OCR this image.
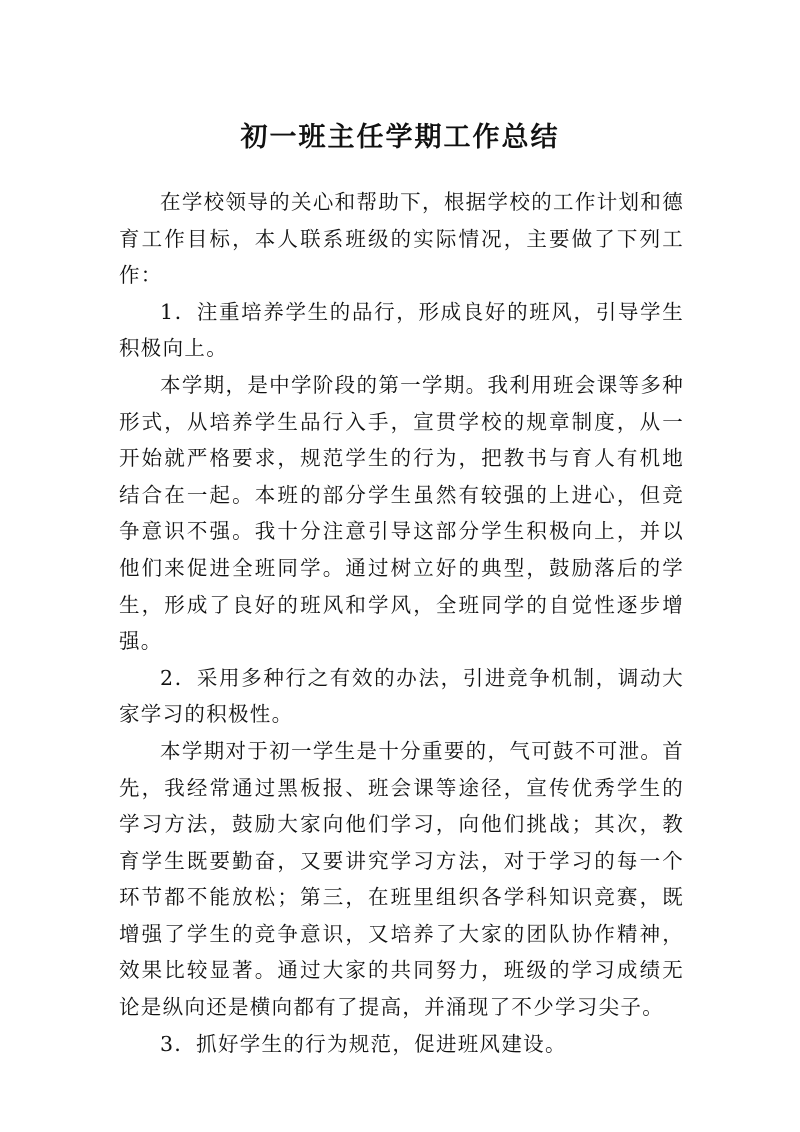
初一班主任学期工作总结

在学校领导的关心和帮助下，根据学校的工作计划和德育工作目标，本人联系班级的实际情况，主要做了下列工作：

1．注重培养学生的品行，形成良好的班风，引导学生积极向上。

本学期，是中学阶段的第一学期。我利用班会课等多种形式，从培养学生品行入手，宣贯学校的规章制度，从一开始就严格要求，规范学生的行为，把教书与育人有机地结合在一起。本班的部分学生虽然有较强的上进心，但竞争意识不强。我十分注意引导这部分学生积极向上，并以他们来促进全班同学。通过树立好的典型，鼓励落后的学生，形成了良好的班风和学风，全班同学的自觉性逐步增强。

2．采用多种行之有效的办法，引进竞争机制，调动大家学习的积极性。

本学期对于初一学生是十分重要的，气可鼓不可泄。首先，我经常通过黑板报、班会课等途径，宣传优秀学生的学习方法，鼓励大家向他们学习，向他们挑战；其次，教育学生既要勤奋，又要讲究学习方法，对于学习的每一个环节都不能放松；第三，在班里组织各学科知识竞赛，既增强了学生的竞争意识，又培养了大家的团队协作精神，效果比较显著。通过大家的共同努力，班级的学习成绩无论是纵向还是横向都有了提高，并涌现了不少学习尖子。

3．抓好学生的行为规范，促进班风建设。
